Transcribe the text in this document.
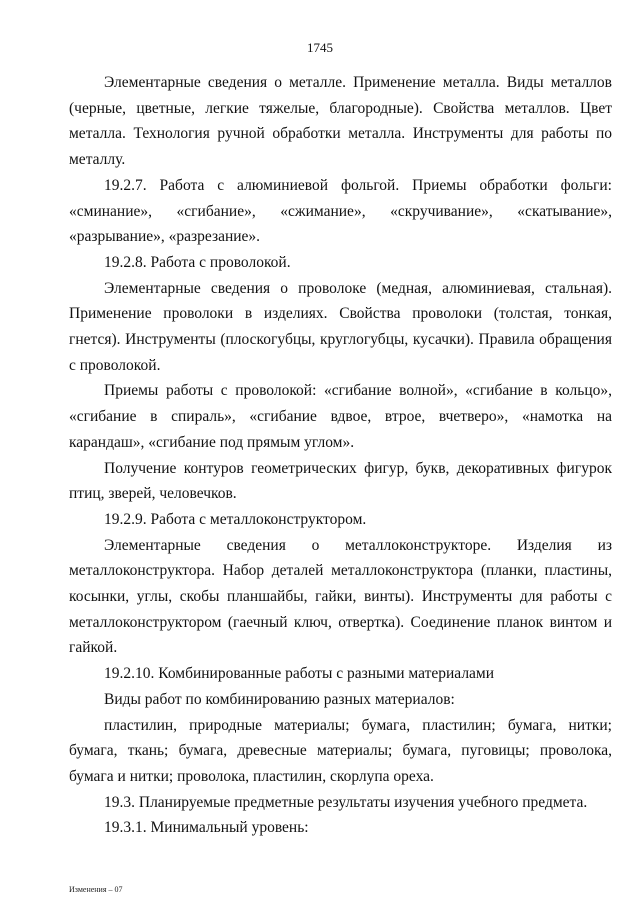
1745

Элементарные сведения о металле. Применение металла. Виды металлов (черные, цветные, легкие тяжелые, благородные). Свойства металлов. Цвет металла. Технология ручной обработки металла. Инструменты для работы по металлу.

19.2.7. Работа с алюминиевой фольгой. Приемы обработки фольги: «сминание», «сгибание», «сжимание», «скручивание», «скатывание», «разрывание», «разрезание».

19.2.8. Работа с проволокой.

Элементарные сведения о проволоке (медная, алюминиевая, стальная). Применение проволоки в изделиях. Свойства проволоки (толстая, тонкая, гнется). Инструменты (плоскогубцы, круглогубцы, кусачки). Правила обращения с проволокой.

Приемы работы с проволокой: «сгибание волной», «сгибание в кольцо», «сгибание в спираль», «сгибание вдвое, втрое, вчетверо», «намотка на карандаш», «сгибание под прямым углом».

Получение контуров геометрических фигур, букв, декоративных фигурок птиц, зверей, человечков.

19.2.9. Работа с металлоконструктором.

Элементарные сведения о металлоконструкторе. Изделия из металлоконструктора. Набор деталей металлоконструктора (планки, пластины, косынки, углы, скобы планшайбы, гайки, винты). Инструменты для работы с металлоконструктором (гаечный ключ, отвертка). Соединение планок винтом и гайкой.

19.2.10. Комбинированные работы с разными материалами

Виды работ по комбинированию разных материалов:

пластилин, природные материалы; бумага, пластилин; бумага, нитки; бумага, ткань; бумага, древесные материалы; бумага, пуговицы; проволока, бумага и нитки; проволока, пластилин, скорлупа ореха.

19.3. Планируемые предметные результаты изучения учебного предмета.

19.3.1. Минимальный уровень:

Изменения – 07
